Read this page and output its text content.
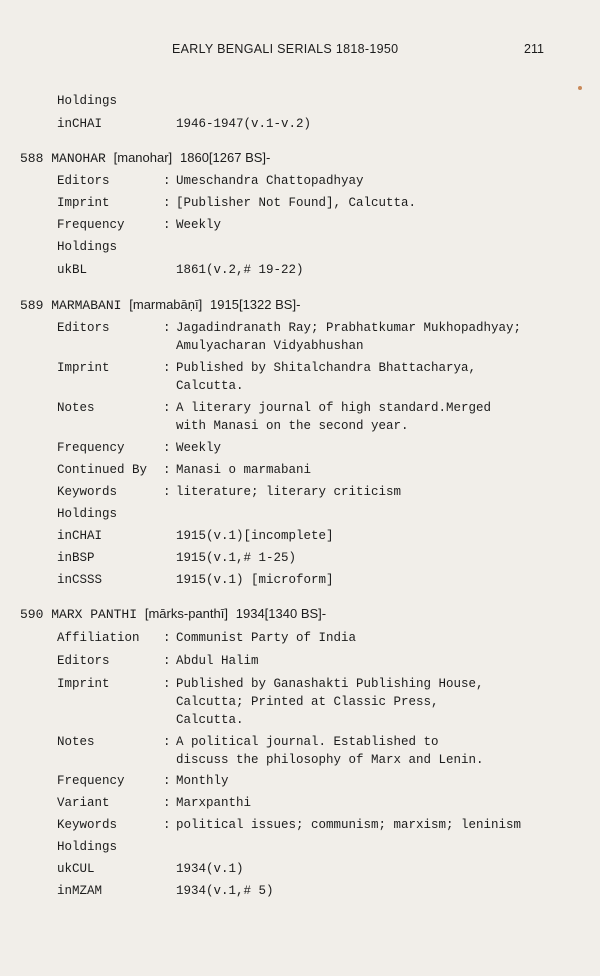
EARLY BENGALI SERIALS 1818-1950	211
Holdings
inCHAI	1946-1947(v.1-v.2)
588 MANOHAR [manohar] 1860[1267 BS]-
Editors	: Umeschandra Chattopadhyay
Imprint	: [Publisher Not Found], Calcutta.
Frequency	: Weekly
Holdings
ukBL	1861(v.2,# 19-22)
589 MARMABANI [marmabāṇī] 1915[1322 BS]-
Editors	: Jagadindranath Ray; Prabhatkumar Mukhopadhyay;
Amulyacharan Vidyabhushan
Imprint	: Published by Shitalchandra Bhattacharya,
Calcutta.
Notes	: A literary journal of high standard.Merged
with Manasi on the second year.
Frequency	: Weekly
Continued By : Manasi o marmabani
Keywords	: literature; literary criticism
Holdings
inCHAI	1915(v.1)[incomplete]
inBSP	1915(v.1,# 1-25)
inCSSS	1915(v.1) [microform]
590 MARX PANTHI [mārks-panthī] 1934[1340 BS]-
Affiliation : Communist Party of India
Editors	: Abdul Halim
Imprint	: Published by Ganashakti Publishing House,
Calcutta; Printed at Classic Press,
Calcutta.
Notes	: A political journal. Established to
discuss the philosophy of Marx and Lenin.
Frequency	: Monthly
Variant	: Marxpanthi
Keywords	: political issues; communism; marxism; leninism
Holdings
ukCUL	1934(v.1)
inMZAM	1934(v.1,# 5)
